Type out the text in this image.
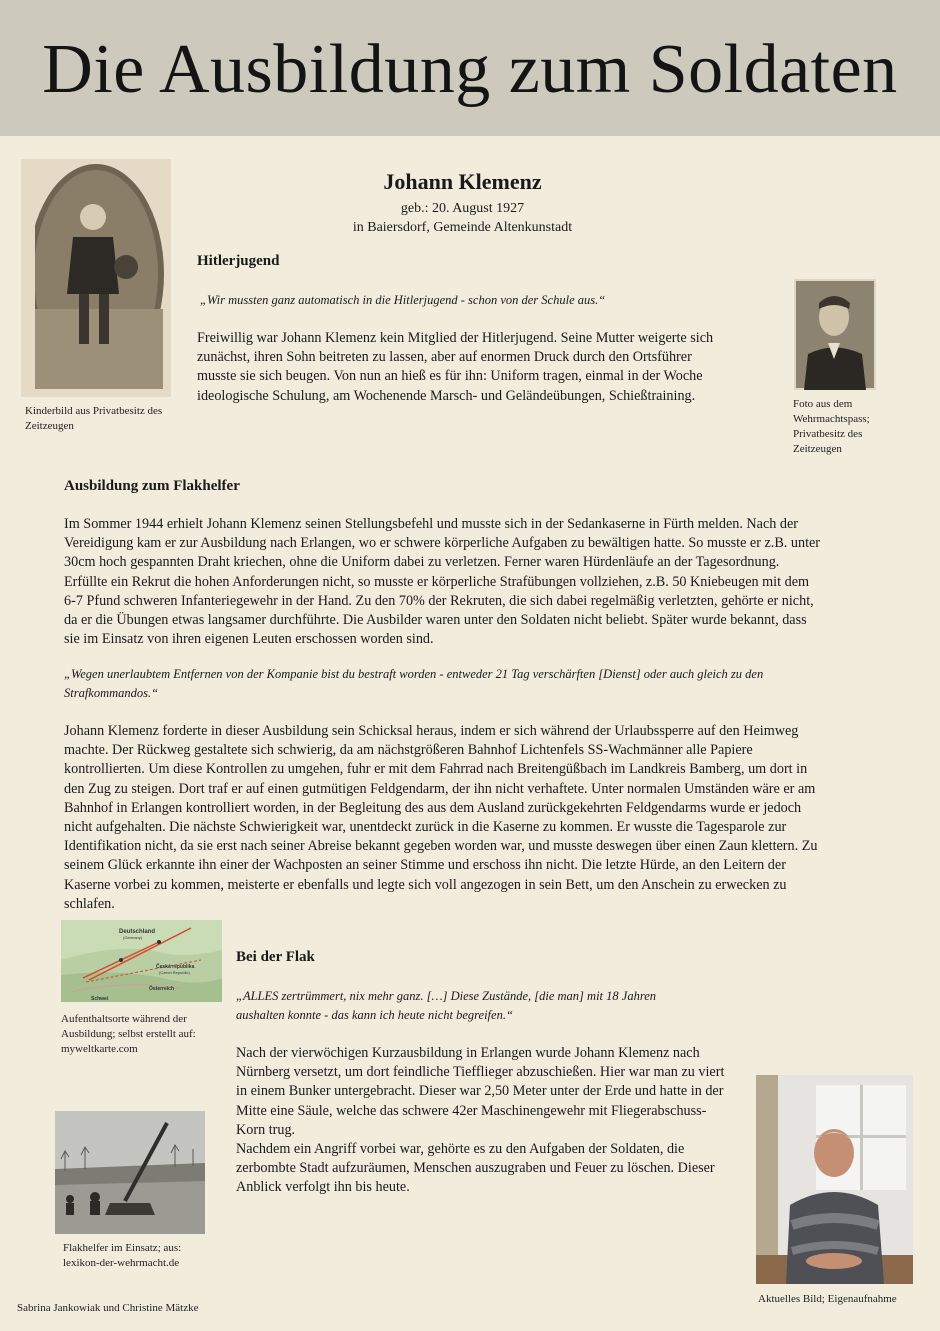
Die Ausbildung zum Soldaten
Kinderbild aus Privatbesitz des Zeitzeugen
Johann Klemenz
geb.: 20. August 1927
in Baiersdorf, Gemeinde Altenkunstadt
Hitlerjugend
„Wir mussten ganz automatisch in die Hitlerjugend - schon von der Schule aus.“
Freiwillig war Johann Klemenz kein Mitglied der Hitlerjugend. Seine Mutter weigerte sich zunächst, ihren Sohn beitreten zu lassen, aber auf enormen Druck durch den Ortsführer musste sie sich beugen. Von nun an hieß es für ihn: Uniform tragen, einmal in der Woche ideologische Schulung, am Wochenende Marsch- und Geländeübungen, Schießtraining.
Foto aus dem Wehrmachtspass; Privatbesitz des Zeitzeugen
Ausbildung zum Flakhelfer
Im Sommer 1944 erhielt Johann Klemenz seinen Stellungsbefehl und musste sich in der Sedankaserne in Fürth melden. Nach der Vereidigung kam er zur Ausbildung nach Erlangen, wo er schwere körperliche Aufgaben zu bewältigen hatte. So musste er z.B. unter 30cm hoch gespannten Draht kriechen, ohne die Uniform dabei zu verletzen. Ferner waren Hürdenläufe an der Tagesordnung. Erfüllte ein Rekrut die hohen Anforderungen nicht, so musste er körperliche Strafübungen vollziehen, z.B. 50 Kniebeugen mit dem 6-7 Pfund schweren Infanteriegewehr in der Hand. Zu den 70% der Rekruten, die sich dabei regelmäßig verletzten, gehörte er nicht, da er die Übungen etwas langsamer durchführte. Die Ausbilder waren unter den Soldaten nicht beliebt. Später wurde bekannt, dass sie im Einsatz von ihren eigenen Leuten erschossen worden sind.
„Wegen unerlaubtem Entfernen von der Kompanie bist du bestraft worden - entweder 21 Tag verschärften [Dienst] oder auch gleich zu den Strafkommandos.“
Johann Klemenz forderte in dieser Ausbildung sein Schicksal heraus, indem er sich während der Urlaubssperre auf den Heimweg machte. Der Rückweg gestaltete sich schwierig, da am nächstgrößeren Bahnhof Lichtenfels SS-Wachmänner alle Papiere kontrollierten. Um diese Kontrollen zu umgehen, fuhr er mit dem Fahrrad nach Breitengüßbach im Landkreis Bamberg, um dort in den Zug zu steigen. Dort traf er auf einen gutmütigen Feldgendarm, der ihn nicht verhaftete. Unter normalen Umständen wäre er am Bahnhof in Erlangen kontrolliert worden, in der Begleitung des aus dem Ausland zurückgekehrten Feldgendarms wurde er jedoch nicht aufgehalten. Die nächste Schwierigkeit war, unentdeckt zurück in die Kaserne zu kommen. Er wusste die Tagesparole zur Identifikation nicht, da sie erst nach seiner Abreise bekannt gegeben worden war, und musste deswegen über einen Zaun klettern. Zu seinem Glück erkannte ihn einer der Wachposten an seiner Stimme und erschoss ihn nicht. Die letzte Hürde, an den Leitern der Kaserne vorbei zu kommen, meisterte er ebenfalls und legte sich voll angezogen in sein Bett, um den Anschein zu erwecken zu schlafen.
Deutschland
(Germany)
Česká republika
(Czech Republic)
Österreich
Schwei
Aufenthaltsorte während der Ausbildung; selbst erstellt auf: myweltkarte.com
Flakhelfer im Einsatz; aus: lexikon-der-wehrmacht.de
Bei der Flak
„ALLES zertrümmert, nix mehr ganz. […] Diese Zustände, [die man] mit 18 Jahren aushalten konnte - das kann ich heute nicht begreifen.“
Nach der vierwöchigen Kurzausbildung in Erlangen wurde Johann Klemenz nach Nürnberg versetzt, um dort feindliche Tiefflieger abzuschießen. Hier war man zu viert in einem Bunker untergebracht. Dieser war 2,50 Meter unter der Erde und hatte in der Mitte eine Säule, welche das schwere 42er Maschinengewehr mit Fliegerabschuss-Korn trug.
Nachdem ein Angriff vorbei war, gehörte es zu den Aufgaben der Soldaten, die zerbombte Stadt aufzuräumen, Menschen auszugraben und Feuer zu löschen. Dieser Anblick verfolgt ihn bis heute.
Aktuelles Bild; Eigenaufnahme
Sabrina Jankowiak und Christine Mätzke
